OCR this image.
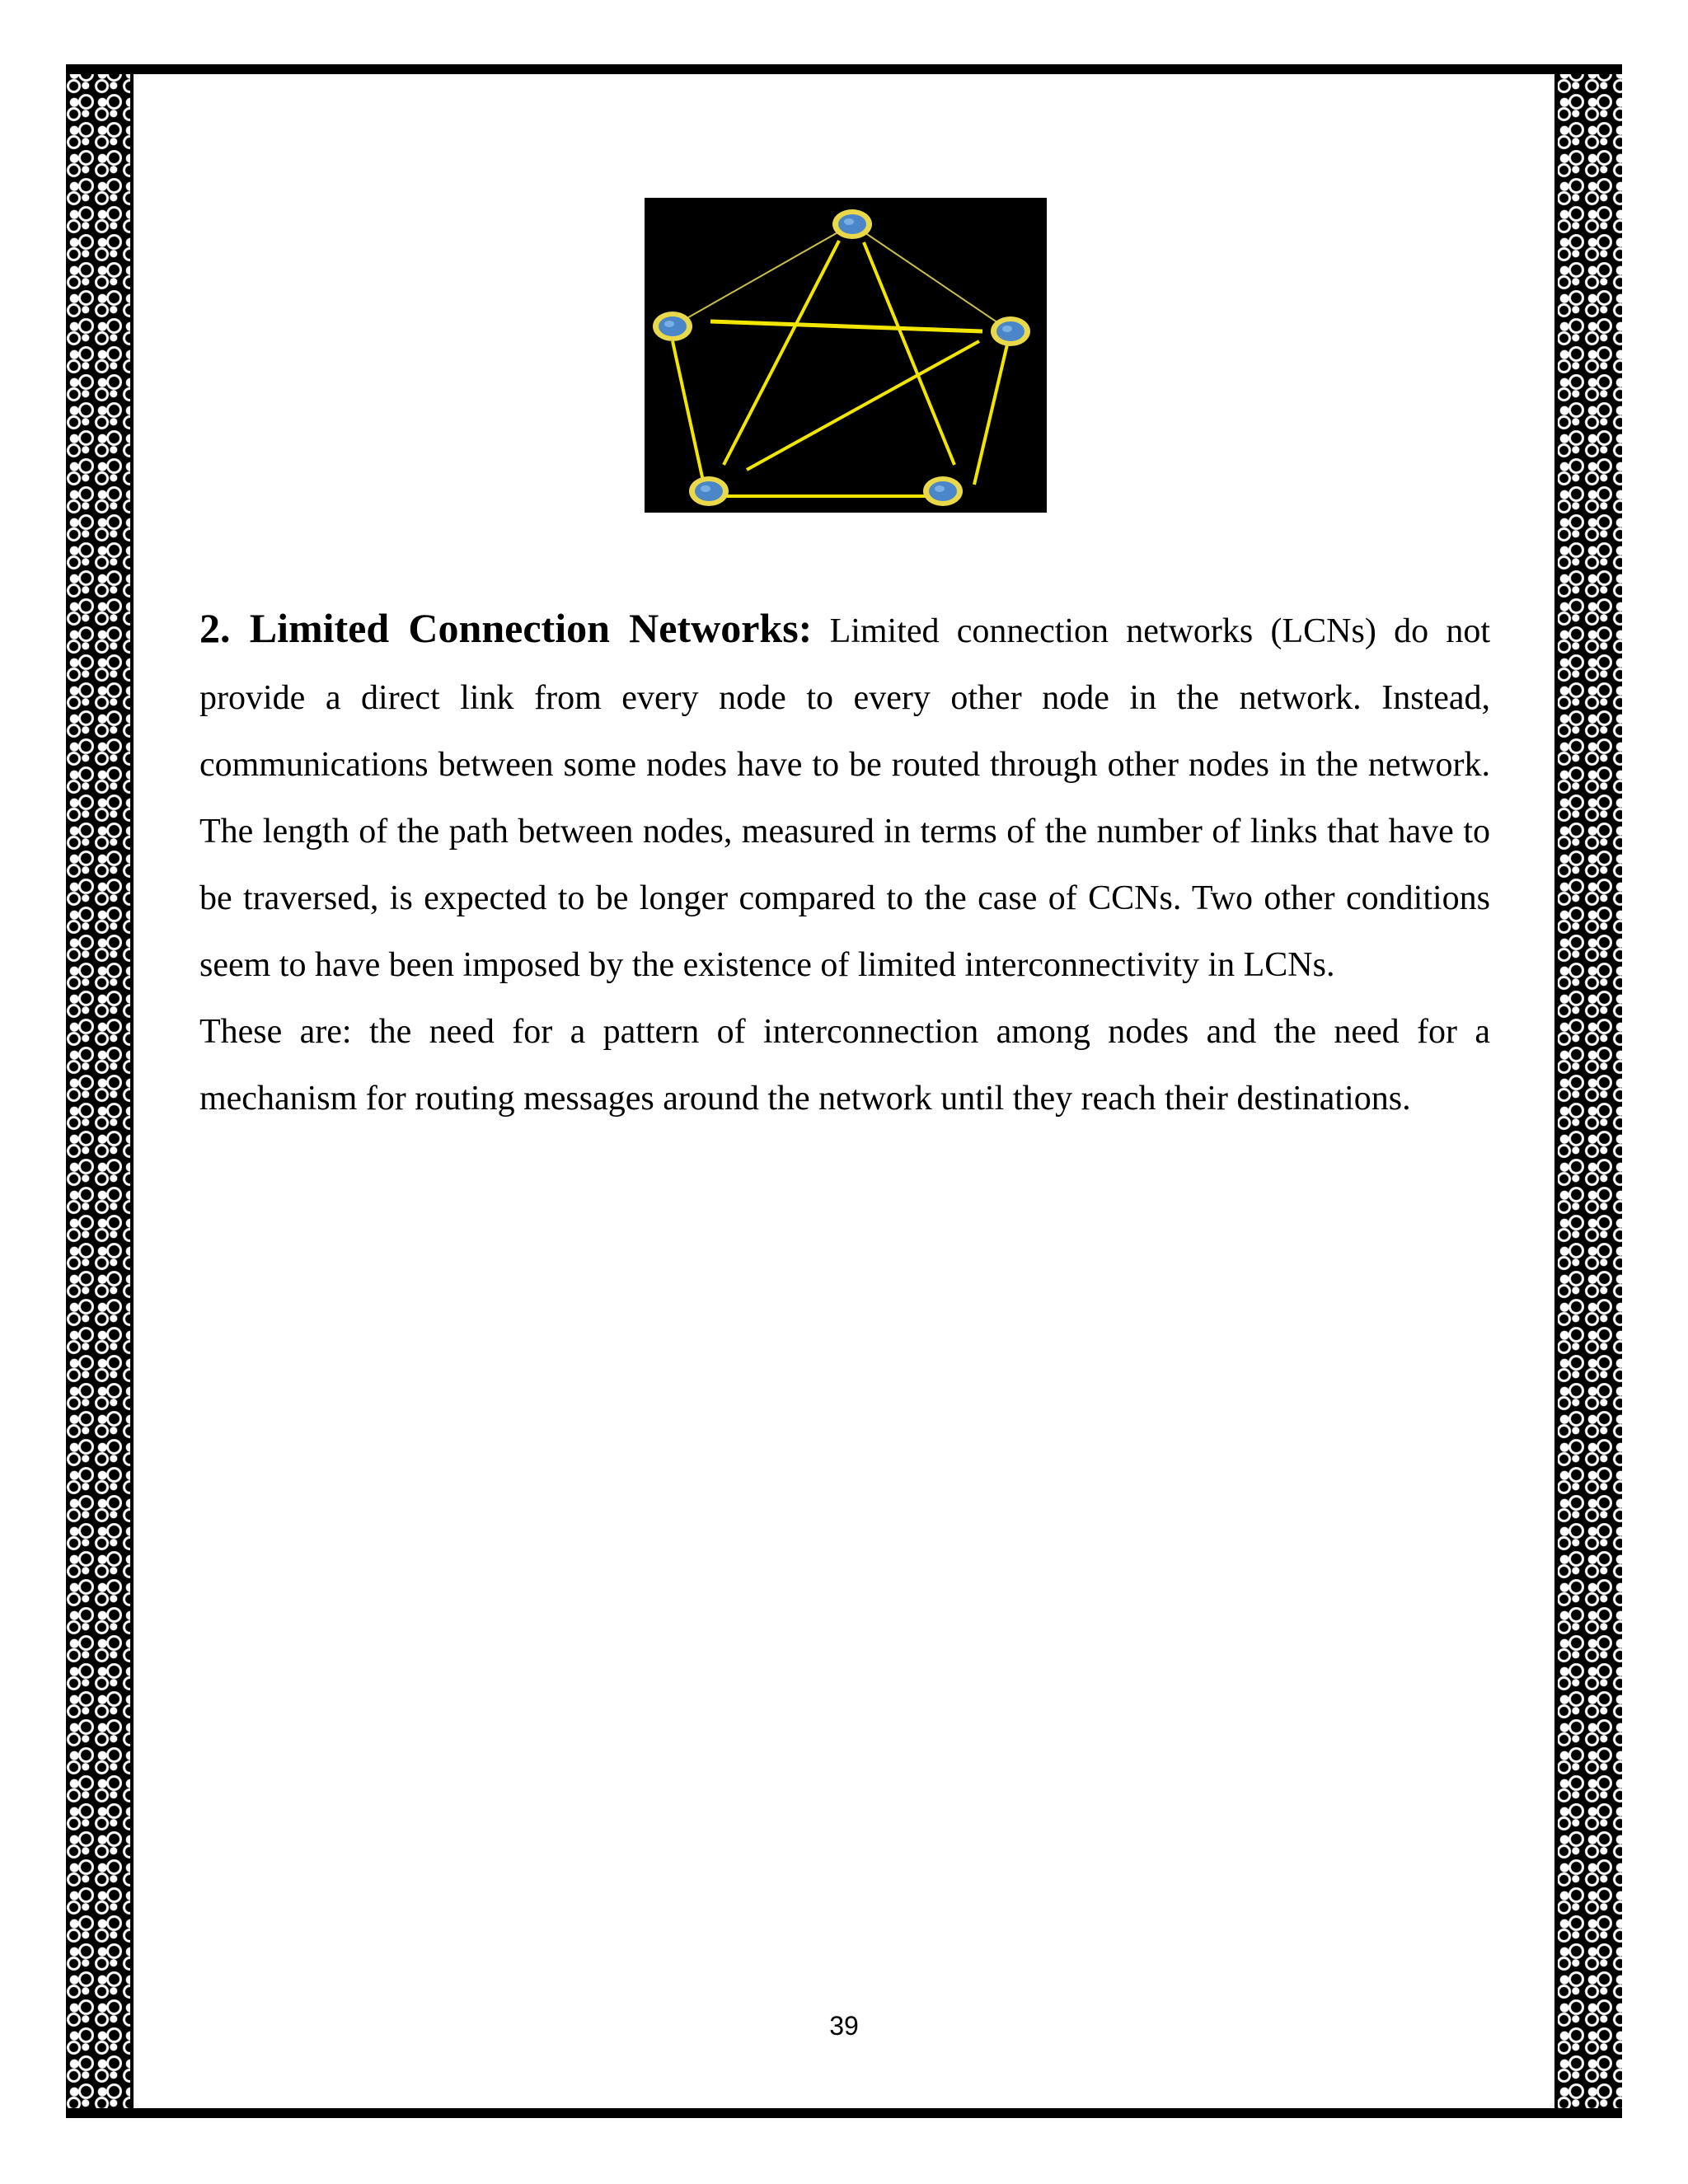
2. Limited Connection Networks: Limited connection networks (LCNs) do not provide a direct link from every node to every other node in the network. Instead, communications between some nodes have to be routed through other nodes in the network. The length of the path between nodes, measured in terms of the number of links that have to be traversed, is expected to be longer compared to the case of CCNs. Two other conditions seem to have been imposed by the existence of limited interconnectivity in LCNs.

These are: the need for a pattern of interconnection among nodes and the need for a mechanism for routing messages around the network until they reach their destinations.

39
